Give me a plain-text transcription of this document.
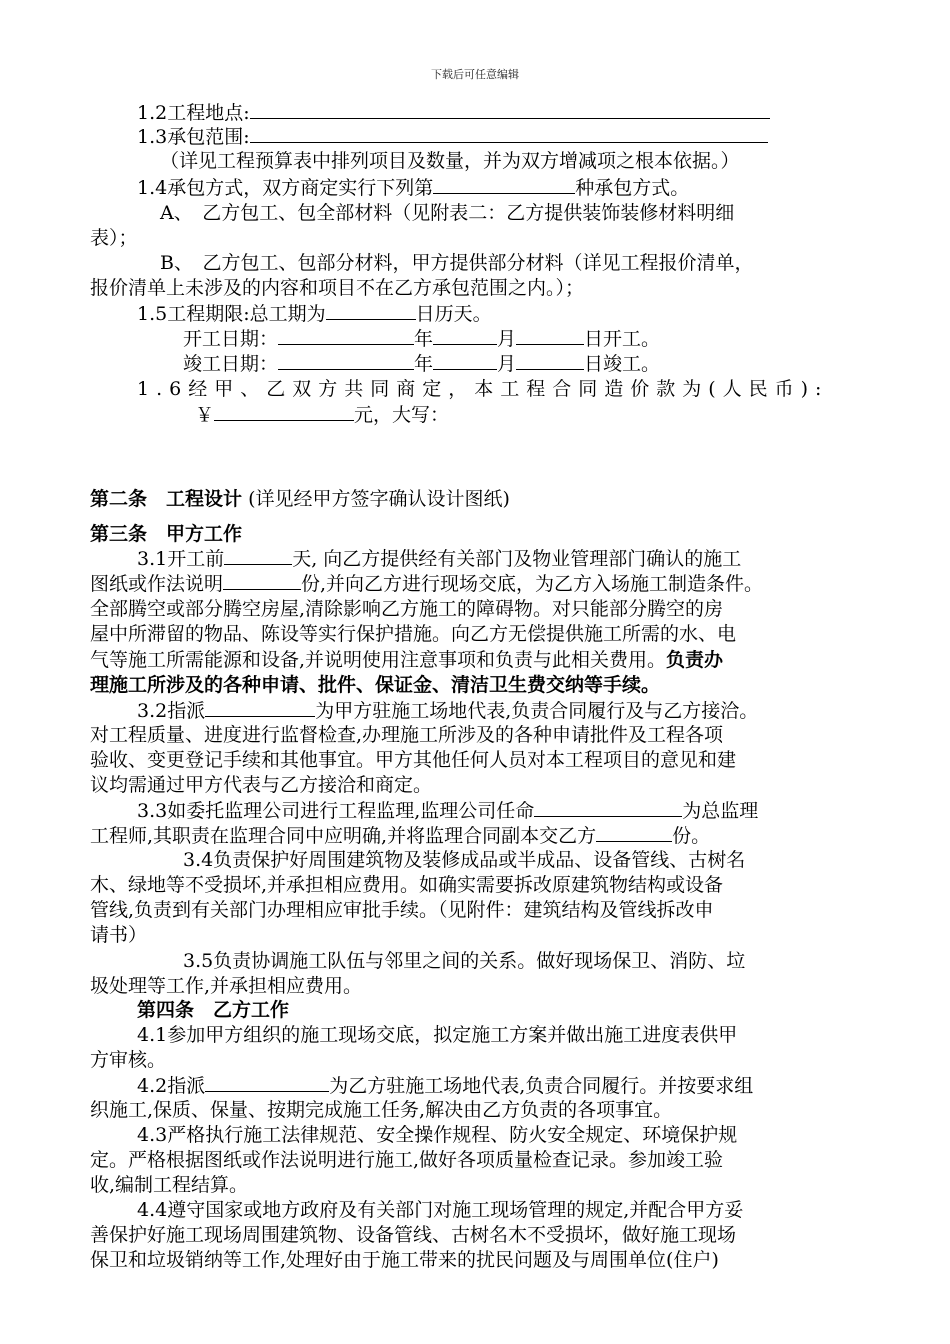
下载后可任意编辑
1.2工程地点:
1.3承包范围:
（详见工程预算表中排列项目及数量，并为双方增减项之根本依据。）
1.4承包方式，双方商定实行下列第	种承包方式。
A、　乙方包工、包全部材料（见附表二：乙方提供装饰装修材料明细
表）；
B、　乙方包工、包部分材料，甲方提供部分材料（详见工程报价清单，
报价清单上未涉及的内容和项目不在乙方承包范围之内。）；
1.5工程期限:总工期为	日历天。
开工日期：	年	月	日开工。
竣工日期：	年	月	日竣工。
1.6经甲、乙双方共同商定，本工程合同造价款为(人民币):
￥	元，大写：
第二条　工程设计 (详见经甲方签字确认设计图纸)
第三条　甲方工作
3.1开工前	天, 向乙方提供经有关部门及物业管理部门确认的施工
图纸或作法说明	份,并向乙方进行现场交底，为乙方入场施工制造条件。
全部腾空或部分腾空房屋,清除影响乙方施工的障碍物。对只能部分腾空的房
屋中所滞留的物品、陈设等实行保护措施。向乙方无偿提供施工所需的水、电
气等施工所需能源和设备,并说明使用注意事项和负责与此相关费用。负责办
理施工所涉及的各种申请、批件、保证金、清洁卫生费交纳等手续。
3.2指派	为甲方驻施工场地代表,负责合同履行及与乙方接洽。
对工程质量、进度进行监督检查,办理施工所涉及的各种申请批件及工程各项
验收、变更登记手续和其他事宜。甲方其他任何人员对本工程项目的意见和建
议均需通过甲方代表与乙方接洽和商定。
3.3如委托监理公司进行工程监理,监理公司任命	为总监理
工程师,其职责在监理合同中应明确,并将监理合同副本交乙方	份。
3.4负责保护好周围建筑物及装修成品或半成品、设备管线、古树名
木、绿地等不受损坏,并承担相应费用。如确实需要拆改原建筑物结构或设备
管线,负责到有关部门办理相应审批手续。（见附件：建筑结构及管线拆改申
请书）
3.5负责协调施工队伍与邻里之间的关系。做好现场保卫、消防、垃
圾处理等工作,并承担相应费用。
第四条　乙方工作
4.1参加甲方组织的施工现场交底，拟定施工方案并做出施工进度表供甲
方审核。
4.2指派	为乙方驻施工场地代表,负责合同履行。并按要求组
织施工,保质、保量、按期完成施工任务,解决由乙方负责的各项事宜。
4.3严格执行施工法律规范、安全操作规程、防火安全规定、环境保护规
定。严格根据图纸或作法说明进行施工,做好各项质量检查记录。参加竣工验
收,编制工程结算。
4.4遵守国家或地方政府及有关部门对施工现场管理的规定,并配合甲方妥
善保护好施工现场周围建筑物、设备管线、古树名木不受损坏，做好施工现场
保卫和垃圾销纳等工作,处理好由于施工带来的扰民问题及与周围单位(住户)
